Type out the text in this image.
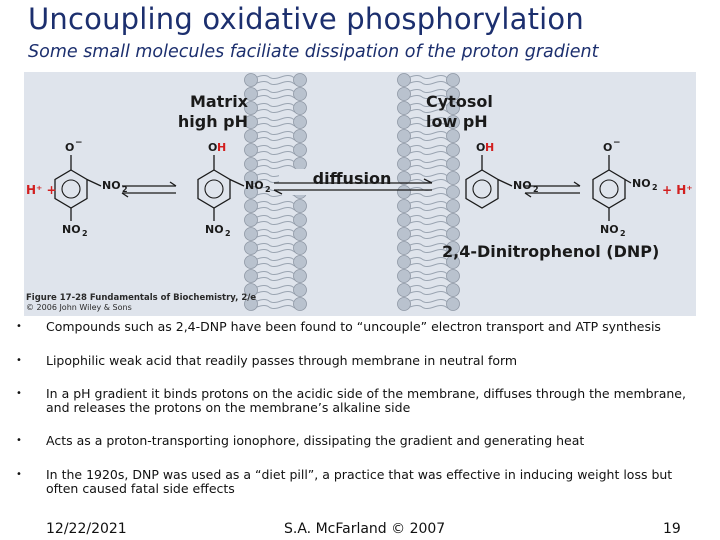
Uncoupling oxidative phosphorylation
Some small molecules faciliate dissipation of the proton gradient
Matrix
high pH
Cytosol
low pH
diffusion
O −
NO 2
NO 2
H⁺ +
O H
NO 2
NO 2
O H
NO 2
O −
NO 2
NO 2
+ H⁺
2,4-Dinitrophenol (DNP)
Figure 17-28 Fundamentals of Biochemistry, 2/e
© 2006 John Wiley & Sons
• Compounds such as 2,4-DNP have been found to “uncouple” electron transport and ATP synthesis
• Lipophilic weak acid that readily passes through membrane in neutral form
• In a pH gradient it binds protons on the acidic side of the membrane, diffuses through the membrane, and releases the protons on the membrane’s alkaline side
• Acts as a proton-transporting ionophore, dissipating the gradient and generating heat
• In the 1920s, DNP was used as a “diet pill”, a practice that was effective in inducing weight loss but often caused fatal side effects
12/22/2021	S.A. McFarland © 2007	19
